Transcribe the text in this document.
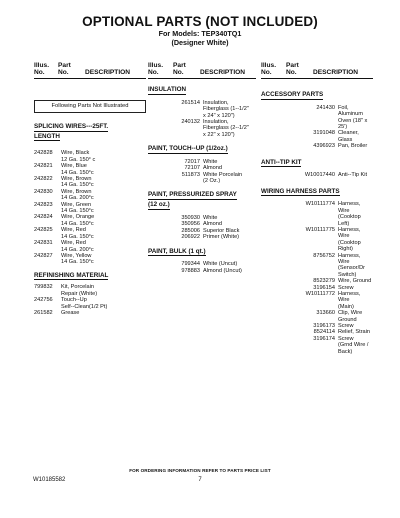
OPTIONAL PARTS (NOT INCLUDED)
For Models: TEP340TQ1
(Designer White)
Illus.
No.
Part
No.	DESCRIPTION
Following Parts Not Illustrated
SPLICING WIRES---25FT.
LENGTH
242828	Wire, Black
12 Ga. 150° c
242821	Wire, Blue
14 Ga. 150°c
242822	Wire, Brown
14 Ga. 150°c
242830	Wire, Brown
14 Ga. 200°c
242823	Wire, Green
14 Ga. 150°c
242824	Wire, Orange
14 Ga. 150°c
242825	Wire, Red
14 Ga. 150°c
242831	Wire, Red
14 Ga. 200°c
242827	Wire, Yellow
14 Ga. 150°c
REFINISHING MATERIAL
799832	Kit, Porcelain
Repair (White)
242756	Touch--Up
Self--Clean(1/2 Pt)
261582	Grease
Illus.
No.
Part
No.	DESCRIPTION
INSULATION
261514 Insulation,
Fiberglass (1--1/2"
x 24" x 120")
240132 Insulation,
Fiberglass (2--1/2"
x 22" x 120")
PAINT, TOUCH--UP (1/2oz.)
72017 White
72107 Almond
511873 White Porcelain
(2 Oz.)
PAINT, PRESSURIZED SPRAY
(12 oz.)
350930 White
350956 Almond
285006 Superior Black
206922 Primer (White)
PAINT, BULK (1 qt.)
799344 White (Uncut)
978883 Almond (Uncut)
Illus.
No.
Part
No.	DESCRIPTION
ACCESSORY PARTS
241430 Foil, Aluminum
Oven (18" x 25')
3191048 Cleaner, Glass
4396923 Pan, Broiler
ANTI--TIP KIT
W10017440 Anti--Tip Kit
WIRING HARNESS PARTS
W10111774 Harness, Wire
(Cooktop Left)
W10111775 Harness, Wire
(Cooktop Right)
8756752 Harness, Wire
(Sensor/Dr Switch)
8523279 Wire, Ground
3196154 Screw
W10111772 Harness, Wire
(Main)
313660 Clip, Wire Ground
3196173 Screw
8524114 Relief, Strain
3196174 Screw
(Grnd Wire / Back)
FOR ORDERING INFORMATION REFER TO PARTS PRICE LIST
W10185582	7
